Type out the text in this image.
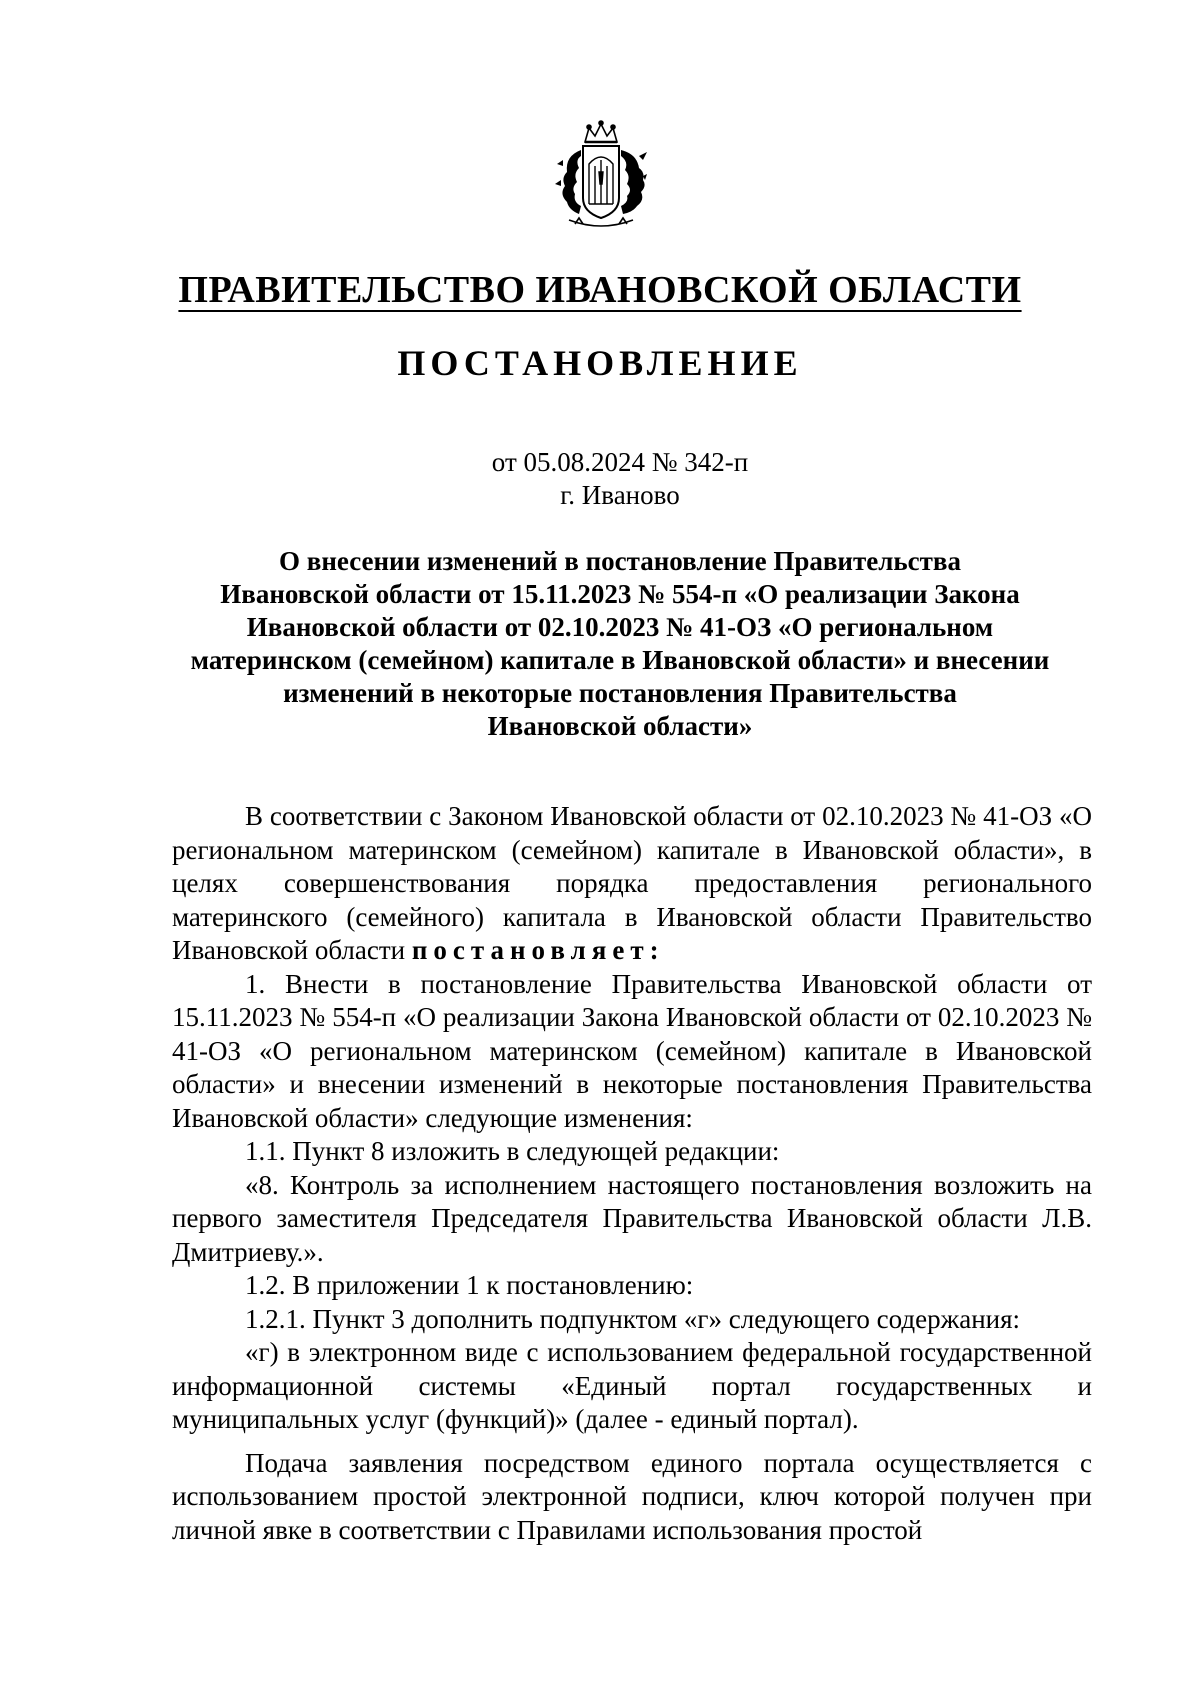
ПРАВИТЕЛЬСТВО ИВАНОВСКОЙ ОБЛАСТИ
ПОСТАНОВЛЕНИЕ
от 05.08.2024 № 342-п
г. Иваново
О внесении изменений в постановление Правительства
Ивановской области от 15.11.2023 № 554-п «О реализации Закона
Ивановской области от 02.10.2023 № 41-ОЗ «О региональном
материнском (семейном) капитале в Ивановской области» и внесении
изменений в некоторые постановления Правительства
Ивановской области»

В соответствии с Законом Ивановской области от 02.10.2023 № 41-ОЗ «О региональном материнском (семейном) капитале в Ивановской области», в целях совершенствования порядка предоставления регионального материнского (семейного) капитала в Ивановской области Правительство Ивановской области постановляет:

1. Внести в постановление Правительства Ивановской области от 15.11.2023 № 554-п «О реализации Закона Ивановской области от 02.10.2023 № 41-ОЗ «О региональном материнском (семейном) капитале в Ивановской области» и внесении изменений в некоторые постановления Правительства Ивановской области» следующие изменения:

1.1. Пункт 8 изложить в следующей редакции:

«8. Контроль за исполнением настоящего постановления возложить на первого заместителя Председателя Правительства Ивановской области Л.В. Дмитриеву.».

1.2. В приложении 1 к постановлению:

1.2.1. Пункт 3 дополнить подпунктом «г» следующего содержания:

«г) в электронном виде с использованием федеральной государственной информационной системы «Единый портал государственных и муниципальных услуг (функций)» (далее - единый портал).

Подача заявления посредством единого портала осуществляется с использованием простой электронной подписи, ключ которой получен при личной явке в соответствии с Правилами использования простой
